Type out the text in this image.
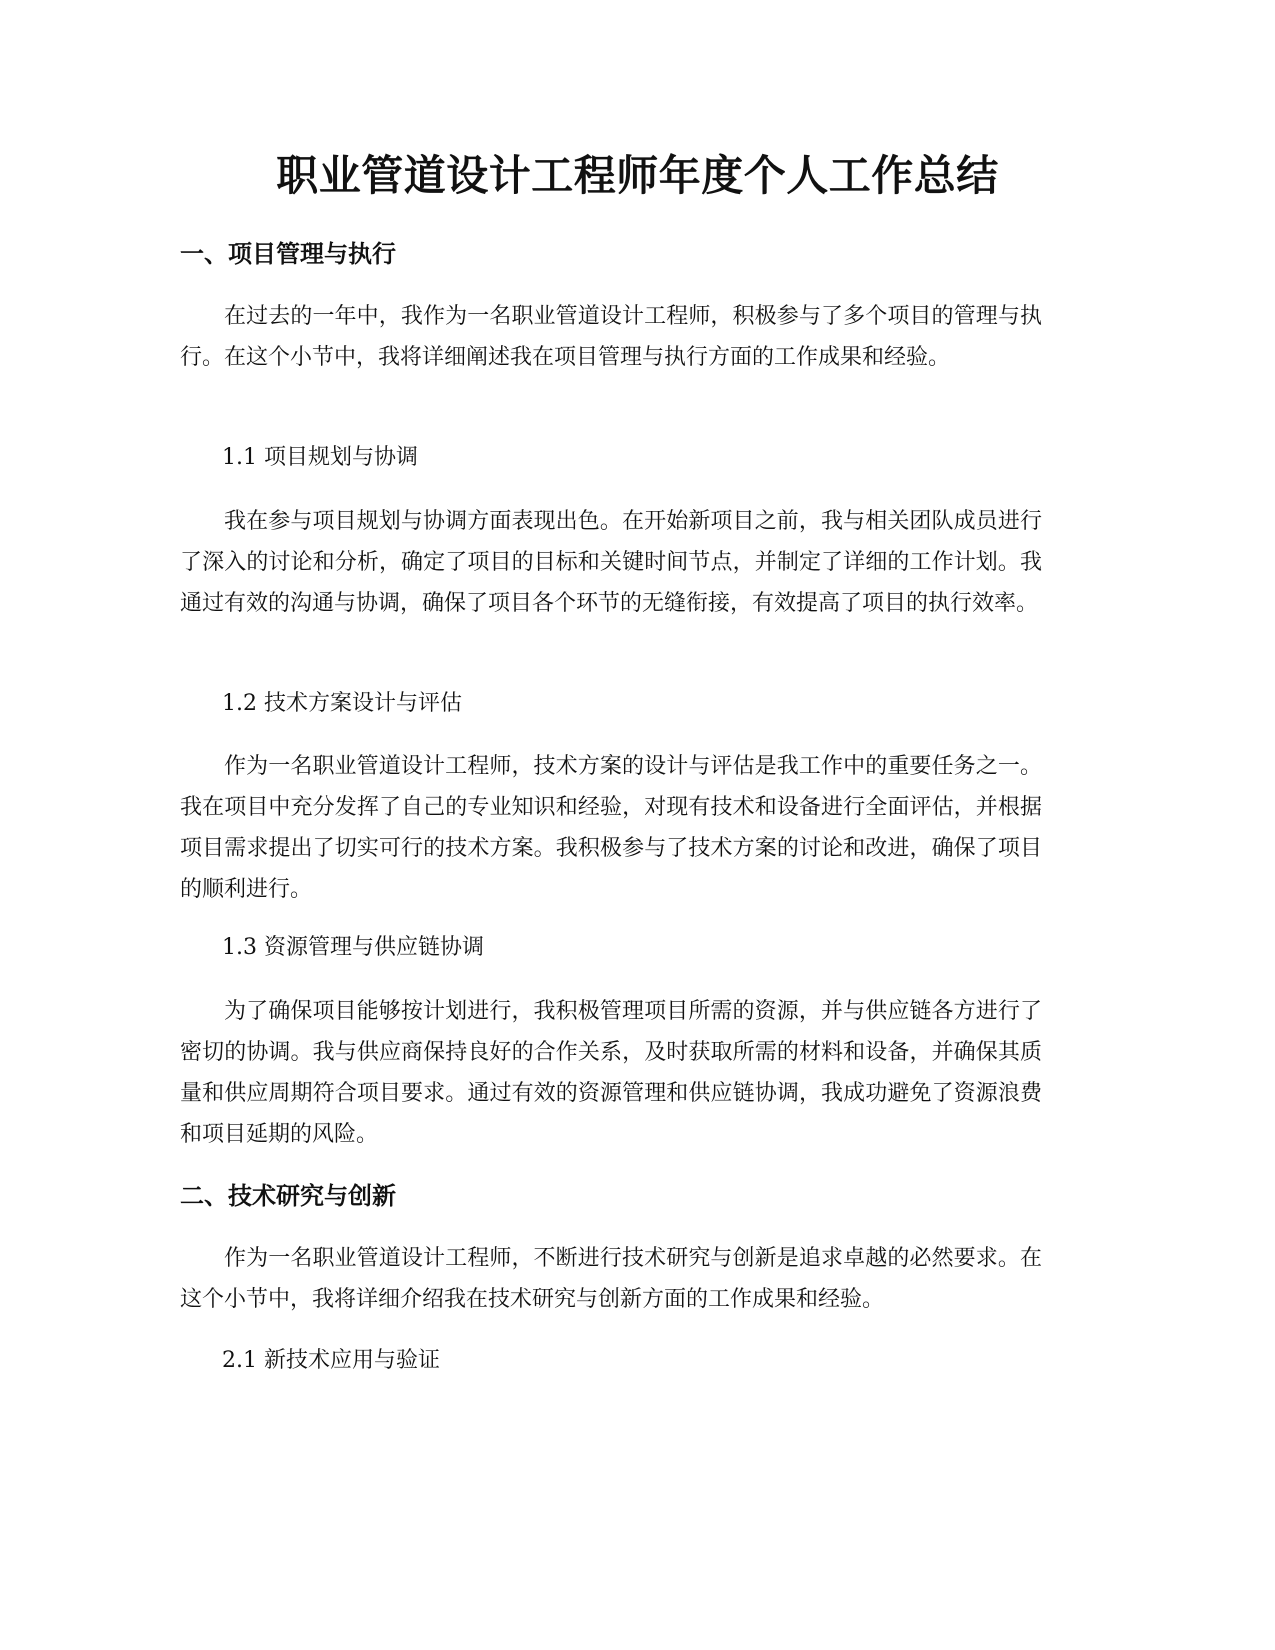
职业管道设计工程师年度个人工作总结
一、项目管理与执行

在过去的一年中，我作为一名职业管道设计工程师，积极参与了多个项目的管理与执行。在这个小节中，我将详细阐述我在项目管理与执行方面的工作成果和经验。

1.1 项目规划与协调

我在参与项目规划与协调方面表现出色。在开始新项目之前，我与相关团队成员进行了深入的讨论和分析，确定了项目的目标和关键时间节点，并制定了详细的工作计划。我通过有效的沟通与协调，确保了项目各个环节的无缝衔接，有效提高了项目的执行效率。

1.2 技术方案设计与评估

作为一名职业管道设计工程师，技术方案的设计与评估是我工作中的重要任务之一。我在项目中充分发挥了自己的专业知识和经验，对现有技术和设备进行全面评估，并根据项目需求提出了切实可行的技术方案。我积极参与了技术方案的讨论和改进，确保了项目的顺利进行。

1.3 资源管理与供应链协调

为了确保项目能够按计划进行，我积极管理项目所需的资源，并与供应链各方进行了密切的协调。我与供应商保持良好的合作关系，及时获取所需的材料和设备，并确保其质量和供应周期符合项目要求。通过有效的资源管理和供应链协调，我成功避免了资源浪费和项目延期的风险。

二、技术研究与创新

作为一名职业管道设计工程师，不断进行技术研究与创新是追求卓越的必然要求。在这个小节中，我将详细介绍我在技术研究与创新方面的工作成果和经验。

2.1 新技术应用与验证
